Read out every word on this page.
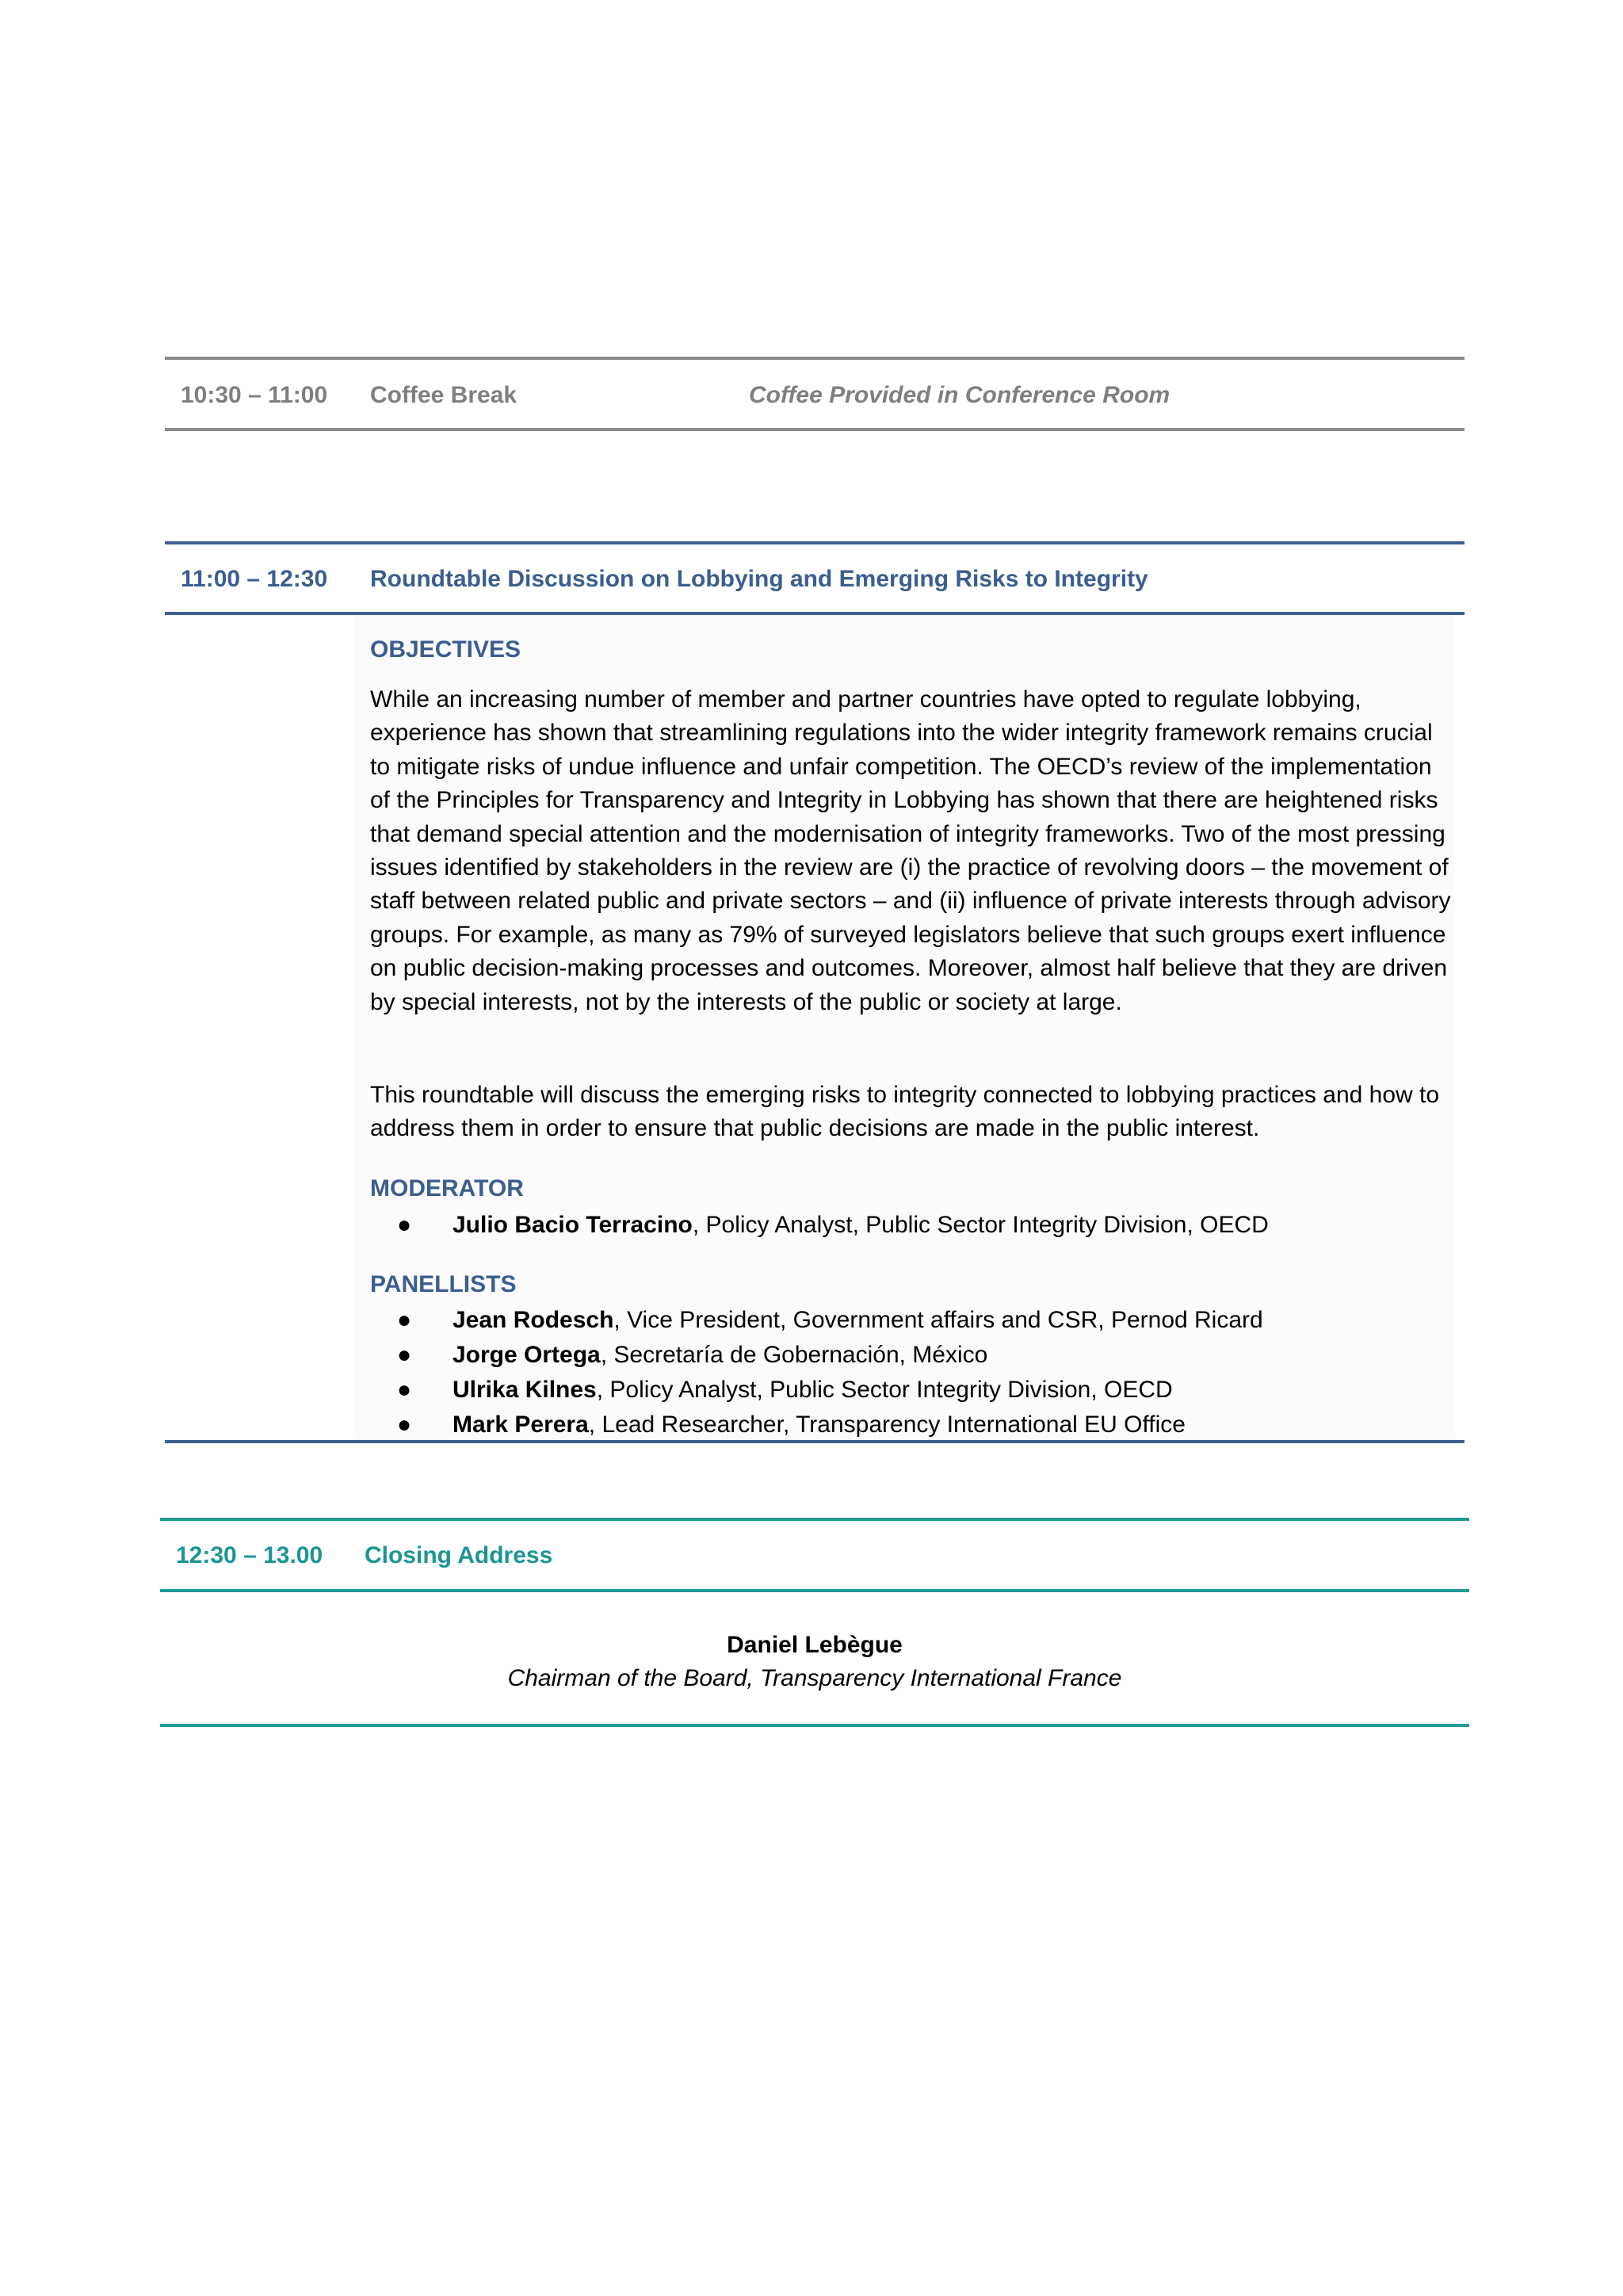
10:30 – 11:00 Coffee Break	Coffee Provided in Conference Room
11:00 – 12:30 Roundtable Discussion on Lobbying and Emerging Risks to Integrity
OBJECTIVES
While an increasing number of member and partner countries have opted to regulate lobbying, experience has shown that streamlining regulations into the wider integrity framework remains crucial to mitigate risks of undue influence and unfair competition. The OECD’s review of the implementation of the Principles for Transparency and Integrity in Lobbying has shown that there are heightened risks that demand special attention and the modernisation of integrity frameworks. Two of the most pressing issues identified by stakeholders in the review are (i) the practice of revolving doors – the movement of staff between related public and private sectors – and (ii) influence of private interests through advisory groups. For example, as many as 79% of surveyed legislators believe that such groups exert influence on public decision-making processes and outcomes. Moreover, almost half believe that they are driven by special interests, not by the interests of the public or society at large.
This roundtable will discuss the emerging risks to integrity connected to lobbying practices and how to address them in order to ensure that public decisions are made in the public interest.
MODERATOR
● Julio Bacio Terracino, Policy Analyst, Public Sector Integrity Division, OECD
PANELLISTS
● Jean Rodesch, Vice President, Government affairs and CSR, Pernod Ricard
● Jorge Ortega, Secretaría de Gobernación, México
● Ulrika Kilnes, Policy Analyst, Public Sector Integrity Division, OECD
● Mark Perera, Lead Researcher, Transparency International EU Office
12:30 – 13.00 Closing Address
Daniel Lebègue
Chairman of the Board, Transparency International France
